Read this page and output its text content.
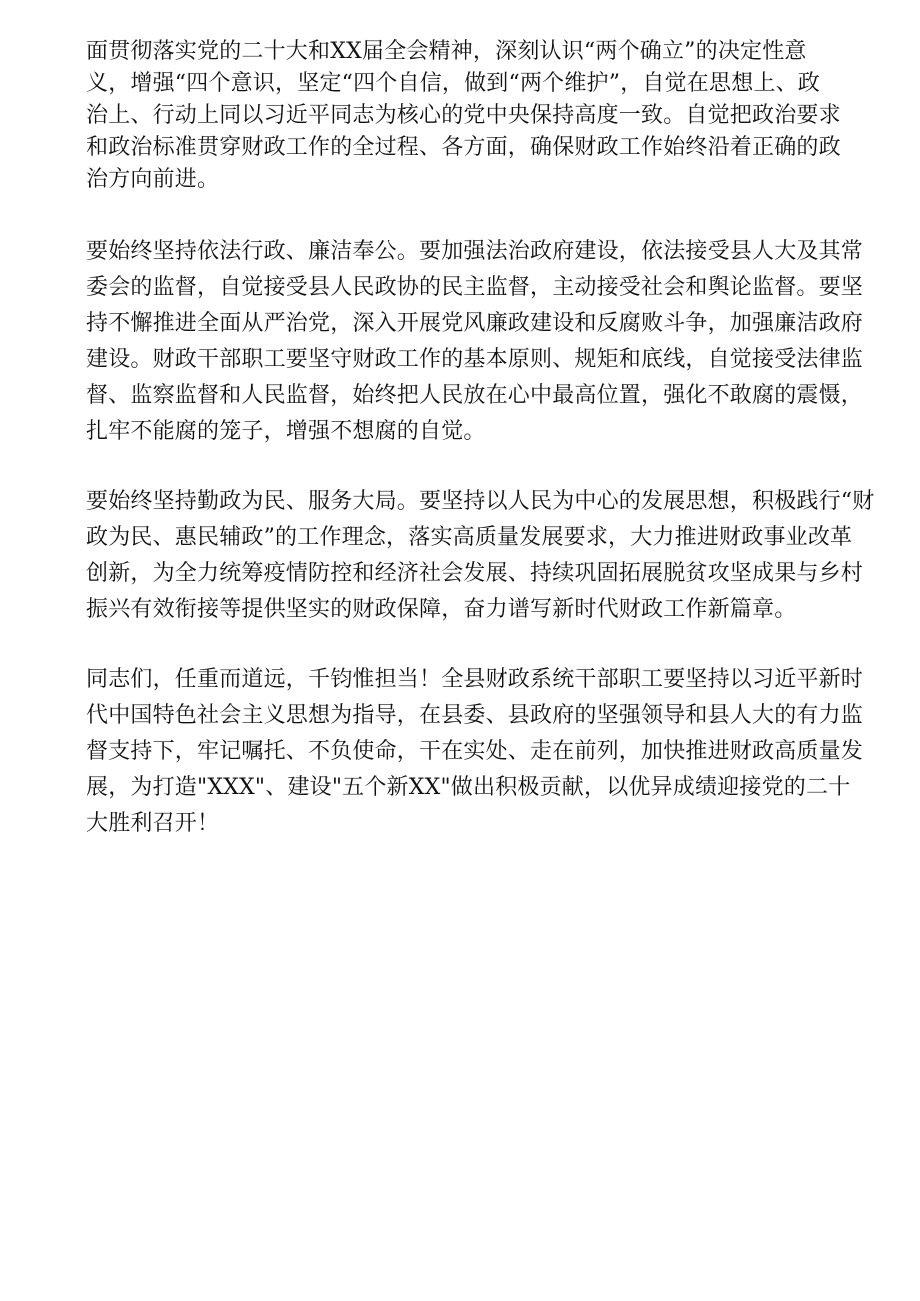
面贯彻落实党的二十大和XX届全会精神，深刻认识“两个确立”的决定性意
义，增强“四个意识，坚定“四个自信，做到“两个维护”，自觉在思想上、政
治上、行动上同以习近平同志为核心的党中央保持高度一致。自觉把政治要求
和政治标准贯穿财政工作的全过程、各方面，确保财政工作始终沿着正确的政
治方向前进。

要始终坚持依法行政、廉洁奉公。要加强法治政府建设，依法接受县人大及其常
委会的监督，自觉接受县人民政协的民主监督，主动接受社会和舆论监督。要坚
持不懈推进全面从严治党，深入开展党风廉政建设和反腐败斗争，加强廉洁政府
建设。财政干部职工要坚守财政工作的基本原则、规矩和底线，自觉接受法律监
督、监察监督和人民监督，始终把人民放在心中最高位置，强化不敢腐的震慑，
扎牢不能腐的笼子，增强不想腐的自觉。

要始终坚持勤政为民、服务大局。要坚持以人民为中心的发展思想，积极践行“财
政为民、惠民辅政”的工作理念，落实高质量发展要求，大力推进财政事业改革
创新，为全力统筹疫情防控和经济社会发展、持续巩固拓展脱贫攻坚成果与乡村
振兴有效衔接等提供坚实的财政保障，奋力谱写新时代财政工作新篇章。

同志们，任重而道远，千钧惟担当！全县财政系统干部职工要坚持以习近平新时
代中国特色社会主义思想为指导，在县委、县政府的坚强领导和县人大的有力监
督支持下，牢记嘱托、不负使命，干在实处、走在前列，加快推进财政高质量发
展，为打造"XXX"、建设"五个新XX"做出积极贡献，以优异成绩迎接党的二十
大胜利召开！
